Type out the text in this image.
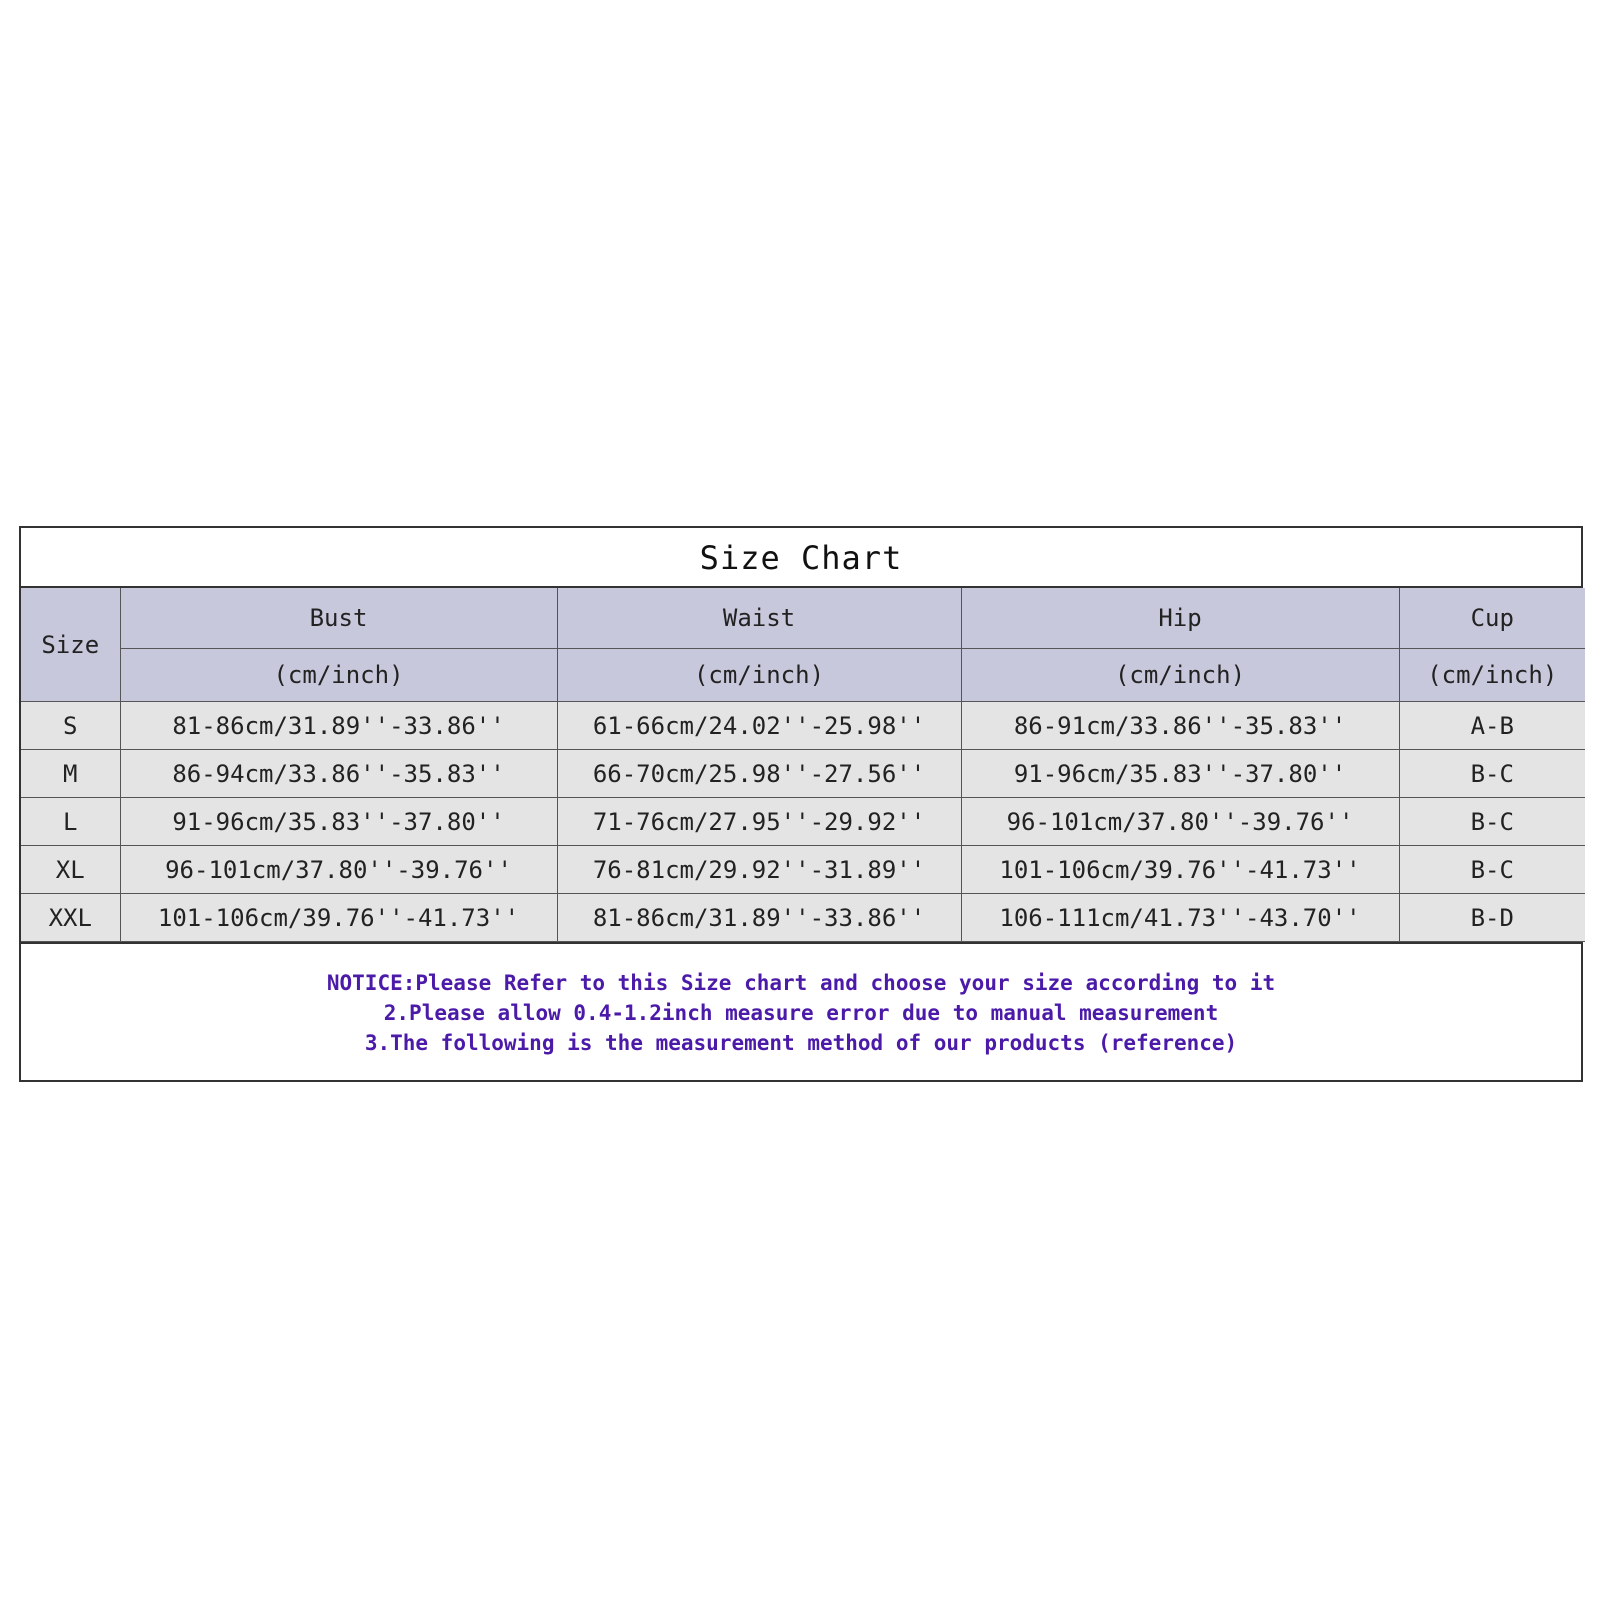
Size Chart
Size	Bust	Waist	Hip	Cup
	(cm/inch)	(cm/inch)	(cm/inch)	(cm/inch)
S	81-86cm/31.89''-33.86''	61-66cm/24.02''-25.98''	86-91cm/33.86''-35.83''	A-B
M	86-94cm/33.86''-35.83''	66-70cm/25.98''-27.56''	91-96cm/35.83''-37.80''	B-C
L	91-96cm/35.83''-37.80''	71-76cm/27.95''-29.92''	96-101cm/37.80''-39.76''	B-C
XL	96-101cm/37.80''-39.76''	76-81cm/29.92''-31.89''	101-106cm/39.76''-41.73''	B-C
XXL	101-106cm/39.76''-41.73''	81-86cm/31.89''-33.86''	106-111cm/41.73''-43.70''	B-D
NOTICE:Please Refer to this Size chart and choose your size according to it
2.Please allow 0.4-1.2inch measure error due to manual measurement
3.The following is the measurement method of our products (reference)
